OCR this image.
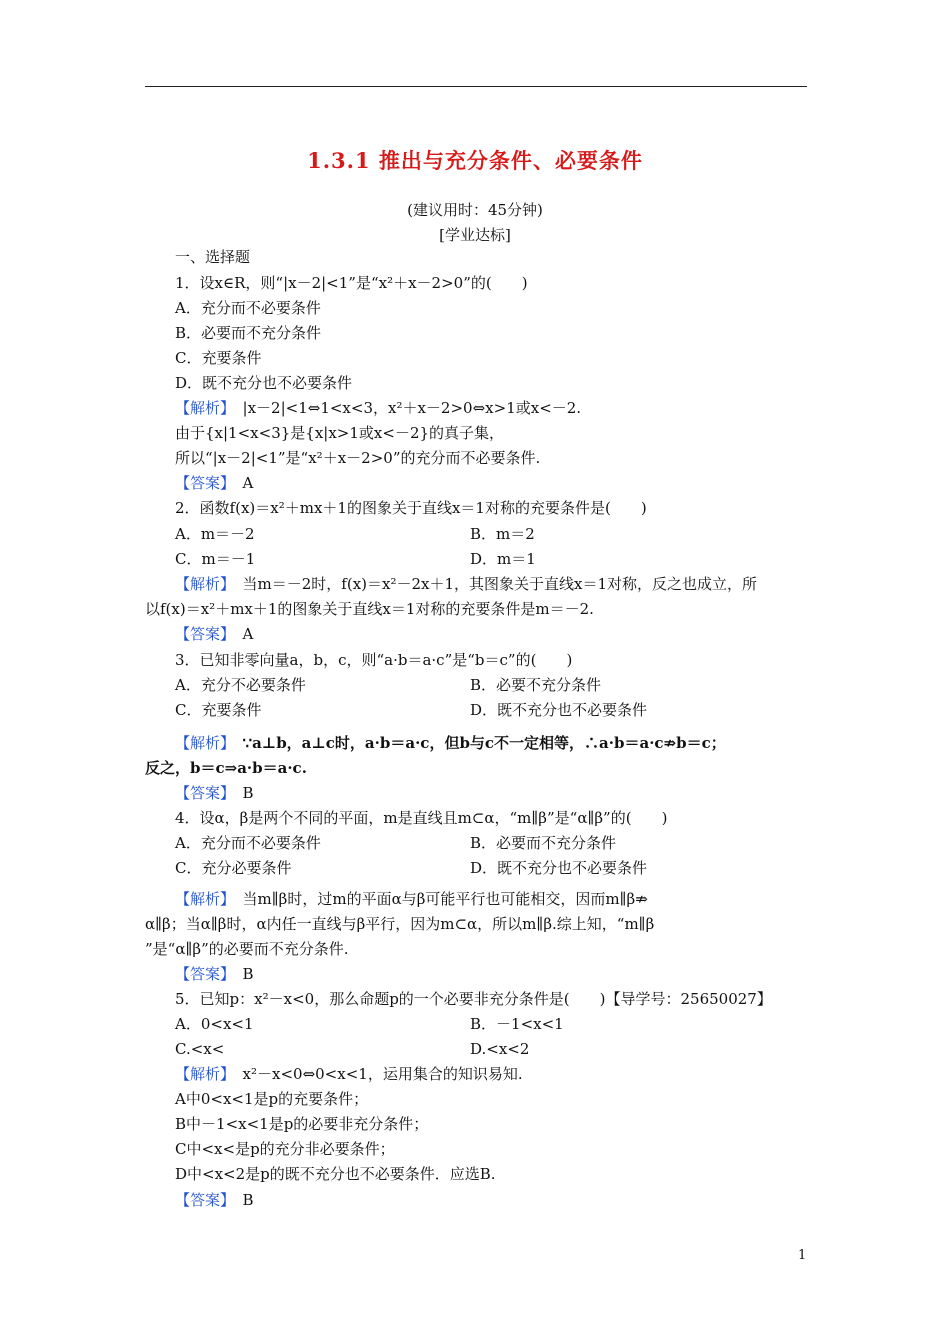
1.3.1 推出与充分条件、必要条件
(建议用时：45分钟)
[学业达标]
一、选择题
1．设x∈R，则“|x－2|<1”是“x²＋x－2>0”的(　　)
A．充分而不必要条件
B．必要而不充分条件
C．充要条件
D．既不充分也不必要条件
【解析】　 |x－2|<1⇔1<x<3，x²＋x－2>0⇔x>1或x<－2.
由于{x|1<x<3}是{x|x>1或x<－2}的真子集，
所以“|x－2|<1”是“x²＋x－2>0”的充分而不必要条件.
【答案】　 A
2．函数f(x)＝x²＋mx＋1的图象关于直线x＝1对称的充要条件是(　　)
A．m＝－2	B．m＝2
C．m＝－1	D．m＝1
【解析】　 当m＝－2时，f(x)＝x²－2x＋1，其图象关于直线x＝1对称，反之也成立，所
以f(x)＝x²＋mx＋1的图象关于直线x＝1对称的充要条件是m＝－2.
【答案】　 A
3．已知非零向量a，b，c，则“a·b＝a·c”是“b＝c”的(　　)
A．充分不必要条件	B．必要不充分条件
C．充要条件	D．既不充分也不必要条件
【解析】　 ∵a⊥b，a⊥c时，a·b＝a·c，但b与c不一定相等，∴a·b＝a·c⇏b＝c；
反之，b＝c⇒a·b＝a·c.
【答案】　 B
4．设α，β是两个不同的平面，m是直线且m⊂α，“m∥β”是“α∥β”的(　　)
A．充分而不必要条件	B．必要而不充分条件
C．充分必要条件	D．既不充分也不必要条件
【解析】　 当m∥β时，过m的平面α与β可能平行也可能相交，因而m∥β⇏
α∥β；当α∥β时，α内任一直线与β平行，因为m⊂α，所以m∥β.综上知，“m∥β
”是“α∥β”的必要而不充分条件.
【答案】　 B
5．已知p：x²－x<0，那么命题p的一个必要非充分条件是(　　)【导学号：25650027】
A．0<x<1	B．－1<x<1
C.<x<	D.<x<2
【解析】　 x²－x<0⇔0<x<1，运用集合的知识易知.
A中0<x<1是p的充要条件；
B中－1<x<1是p的必要非充分条件；
C中<x<是p的充分非必要条件；
D中<x<2是p的既不充分也不必要条件．应选B.
【答案】　 B
1
